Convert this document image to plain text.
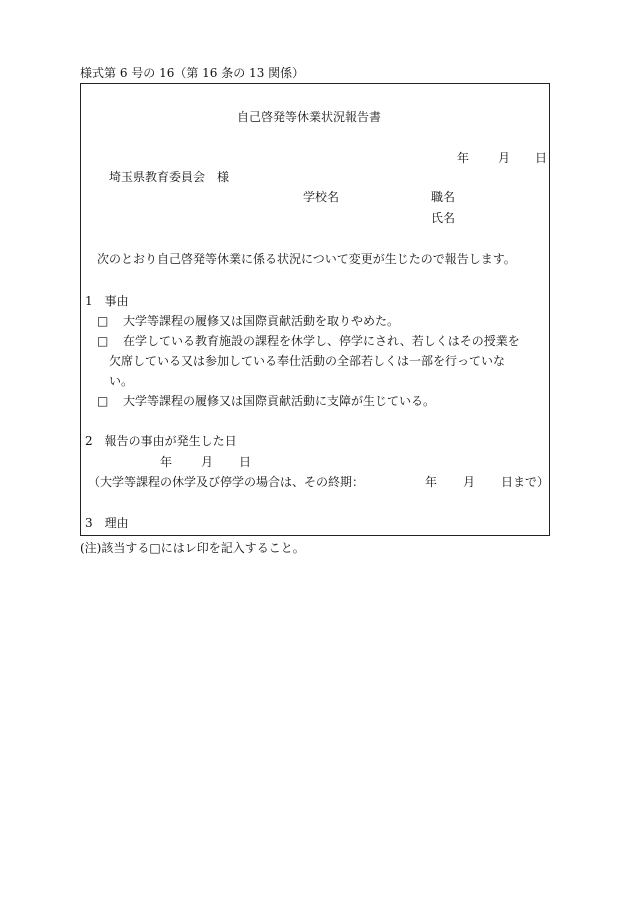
様式第 6 号の 16（第 16 条の 13 関係）
自己啓発等休業状況報告書
年 月 日
埼玉県教育委員会　様
学校名	職名
氏名
次のとおり自己啓発等休業に係る状況について変更が生じたので報告します。
1　事由
□ 大学等課程の履修又は国際貢献活動を取りやめた。
□ 在学している教育施設の課程を休学し、停学にされ、若しくはその授業を
欠席している又は参加している奉仕活動の全部若しくは一部を行っていな
い。
□ 大学等課程の履修又は国際貢献活動に支障が生じている。
2　報告の事由が発生した日
年 月 日
（大学等課程の休学及び停学の場合は、その終期：	年 月 日まで）
3　理由
(注)該当する□にはレ印を記入すること。
